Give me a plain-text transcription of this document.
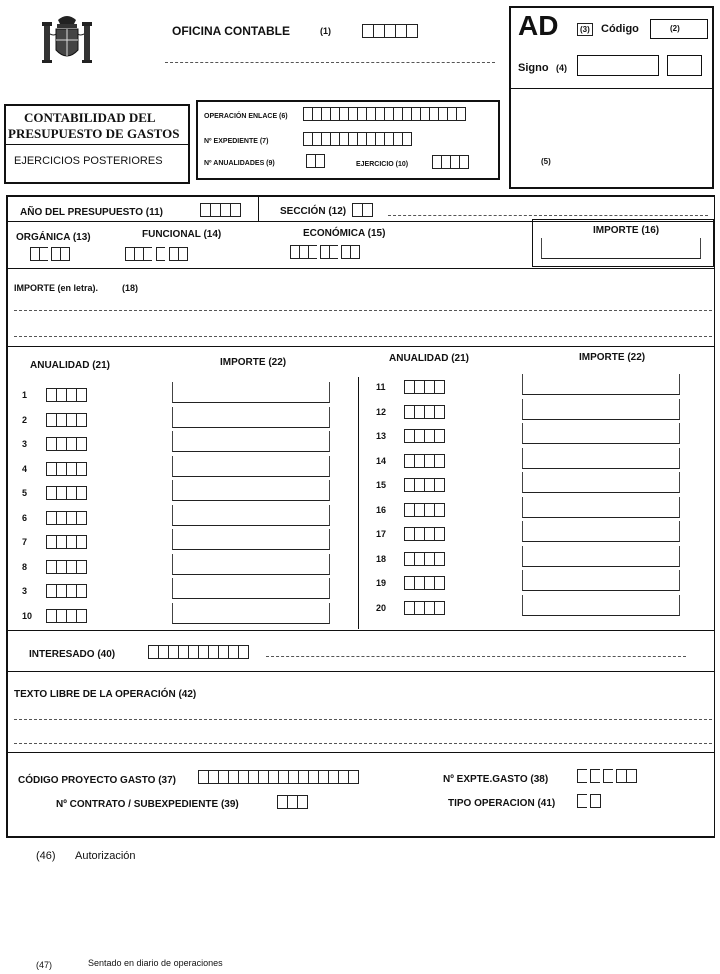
OFICINA CONTABLE	(1)	AD	(3) Código	(2)
Signo (4)
(5)
CONTABILIDAD DEL
PRESUPUESTO DE GASTOS
EJERCICIOS POSTERIORES
OPERACIÓN ENLACE (6)
Nº EXPEDIENTE (7)
Nº ANUALIDADES (9)	EJERCICIO (10)
AÑO DEL PRESUPUESTO (11)	SECCIÓN (12)
ORGÁNICA (13)	FUNCIONAL (14)	ECONÓMICA (15)	IMPORTE (16)
IMPORTE (en letra).	(18)
ANUALIDAD (21)	IMPORTE (22)	ANUALIDAD (21)	IMPORTE (22)
1
2
3
4
5
6
7
8
3
10
11
12
13
14
15
16
17
18
19
20
INTERESADO (40)
TEXTO LIBRE DE LA OPERACIÓN (42)
CÓDIGO PROYECTO GASTO (37)	Nº EXPTE.GASTO (38)
Nº CONTRATO / SUBEXPEDIENTE (39)	TIPO OPERACION (41)
(46) Autorización
(47)	Sentado en diario de operaciones
